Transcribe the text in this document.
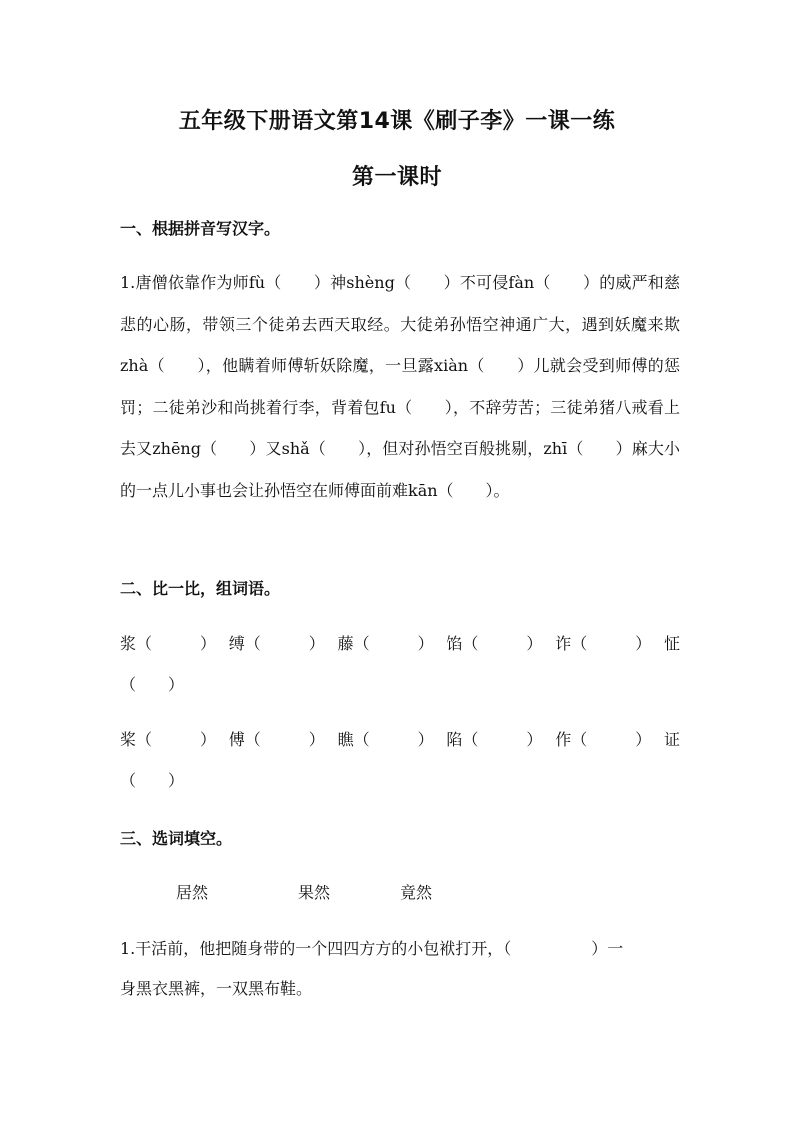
五年级下册语文第14课《刷子李》一课一练
第一课时
一、根据拼音写汉字。
1.唐僧依靠作为师fù（　　）神shèng（　　）不可侵fàn（　　）的威严和慈悲的心肠，带领三个徒弟去西天取经。大徒弟孙悟空神通广大，遇到妖魔来欺zhà（　　），他瞒着师傅斩妖除魔，一旦露xiàn（　　）儿就会受到师傅的惩罚；二徒弟沙和尚挑着行李，背着包fu（　　），不辞劳苦；三徒弟猪八戒看上去又zhēng（　　）又shǎ（　　），但对孙悟空百般挑剔，zhī（　　）麻大小的一点儿小事也会让孙悟空在师傅面前难kān（　　）。
二、比一比，组词语。
浆（　　　） 缚（　　　） 藤（　　　） 馅（　　　） 诈（　　　） 怔
（　　）
桨（　　　） 傅（　　　） 瞧（　　　） 陷（　　　） 作（　　　） 证
（　　）
三、选词填空。
居然	果然	竟然
1.干活前，他把随身带的一个四四方方的小包袱打开，（　　　　　）一
身黑衣黑裤，一双黑布鞋。
